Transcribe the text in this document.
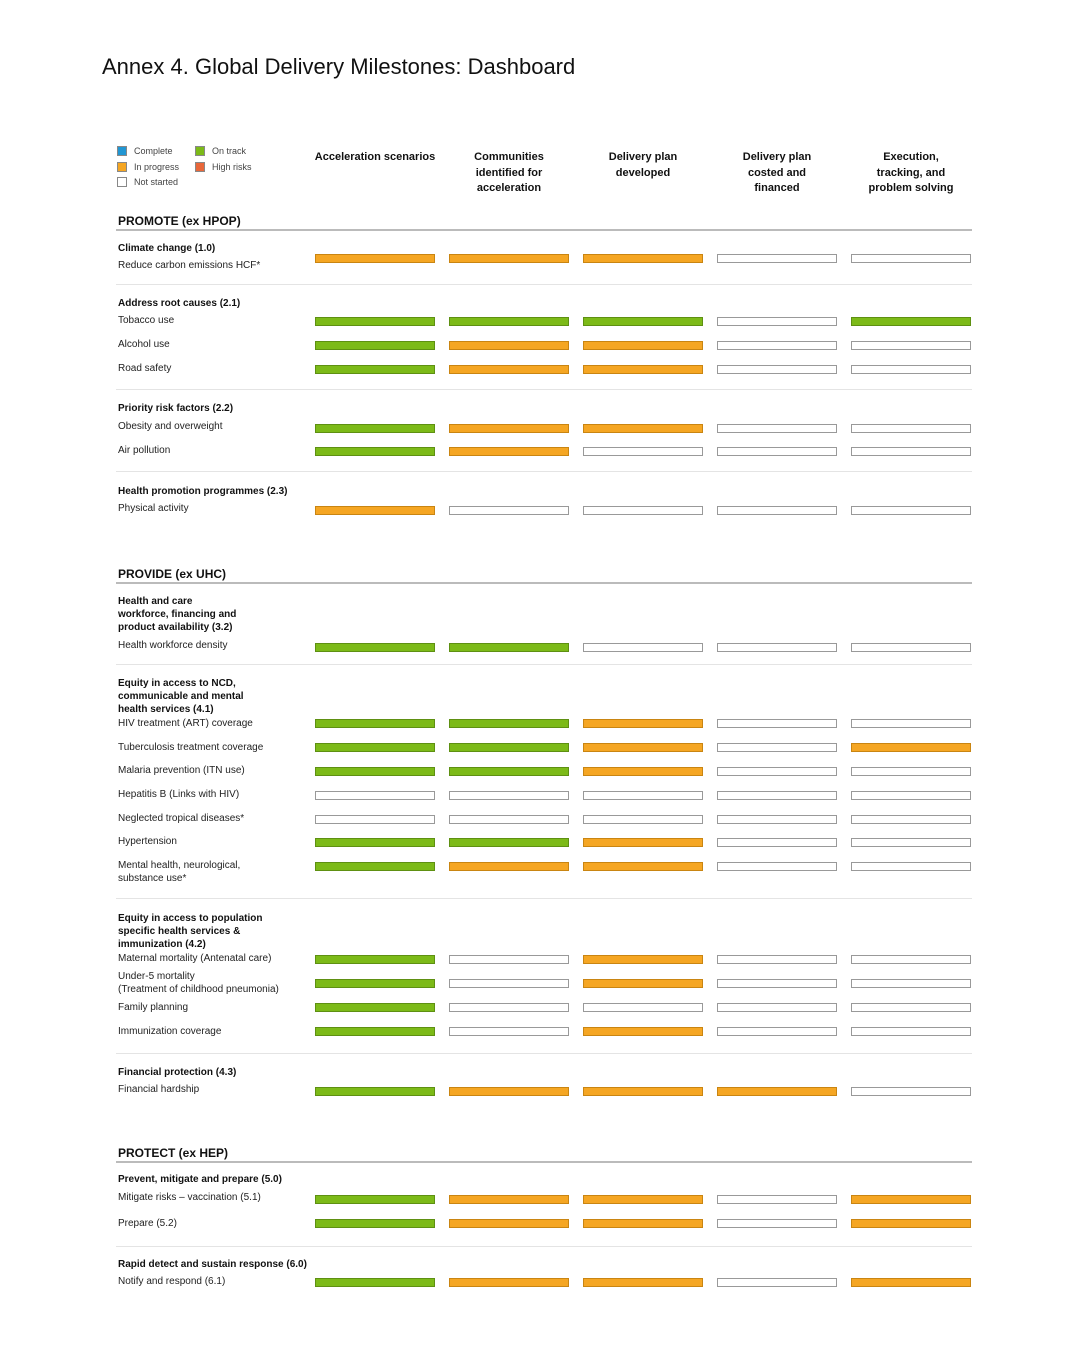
Annex 4. Global Delivery Milestones: Dashboard
Complete
In progress
Not started
On track
High risks
Acceleration scenarios	Communities
identified for
acceleration
Delivery plan
developed
Delivery plan
costed and
financed
Execution,
tracking, and
problem solving
PROMOTE (ex HPOP)
Climate change (1.0)
Reduce carbon emissions HCF*
Address root causes (2.1)
Tobacco use
Alcohol use
Road safety
Priority risk factors (2.2)
Obesity and overweight
Air pollution
Health promotion programmes (2.3)
Physical activity
PROVIDE (ex UHC)
Health and care
workforce, financing and
product availability (3.2)
Health workforce density
Equity in access to NCD,
communicable and mental
health services (4.1)
HIV treatment (ART) coverage
Tuberculosis treatment coverage
Malaria prevention (ITN use)
Hepatitis B (Links with HIV)
Neglected tropical diseases*
Hypertension
Mental health, neurological,
substance use*
Equity in access to population
specific health services &
immunization (4.2)
Maternal mortality (Antenatal care)
Under-5 mortality
(Treatment of childhood pneumonia)
Family planning
Immunization coverage
Financial protection (4.3)
Financial hardship
PROTECT (ex HEP)
Prevent, mitigate and prepare (5.0)
Mitigate risks – vaccination (5.1)
Prepare (5.2)
Rapid detect and sustain response (6.0)
Notify and respond (6.1)
